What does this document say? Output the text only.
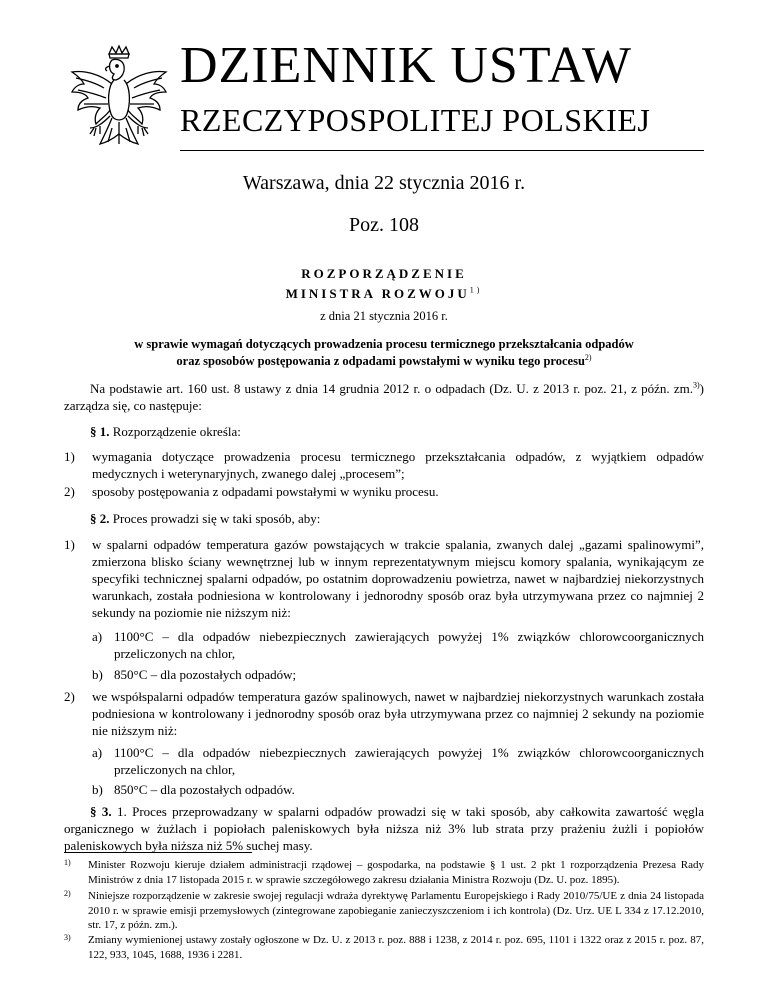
DZIENNIK USTAW
RZECZYPOSPOLITEJ POLSKIEJ
Warszawa, dnia 22 stycznia 2016 r.
Poz. 108
ROZPORZĄDZENIE
MINISTRA ROZWOJU$^{1)}$
z dnia 21 stycznia 2016 r.
w sprawie wymagań dotyczących prowadzenia procesu termicznego przekształcania odpadów
oraz sposobów postępowania z odpadami powstałymi w wyniku tego procesu$^{2)}$
Na podstawie art. 160 ust. 8 ustawy z dnia 14 grudnia 2012 r. o odpadach (Dz. U. z 2013 r. poz. 21, z późn. zm.$^{3)}$) zarządza się, co następuje:
§ 1. Rozporządzenie określa:
1) wymagania dotyczące prowadzenia procesu termicznego przekształcania odpadów, z wyjątkiem odpadów medycznych i weterynaryjnych, zwanego dalej „procesem”;
2) sposoby postępowania z odpadami powstałymi w wyniku procesu.
§ 2. Proces prowadzi się w taki sposób, aby:
1) w spalarni odpadów temperatura gazów powstających w trakcie spalania, zwanych dalej „gazami spalinowymi”, zmierzona blisko ściany wewnętrznej lub w innym reprezentatywnym miejscu komory spalania, wynikającym ze specyfiki technicznej spalarni odpadów, po ostatnim doprowadzeniu powietrza, nawet w najbardziej niekorzystnych warunkach, została podniesiona w kontrolowany i jednorodny sposób oraz była utrzymywana przez co najmniej 2 sekundy na poziomie nie niższym niż:
a) 1100°C – dla odpadów niebezpiecznych zawierających powyżej 1% związków chlorowcoorganicznych przeliczonych na chlor,
b) 850°C – dla pozostałych odpadów;
2) we współspalarni odpadów temperatura gazów spalinowych, nawet w najbardziej niekorzystnych warunkach została podniesiona w kontrolowany i jednorodny sposób oraz była utrzymywana przez co najmniej 2 sekundy na poziomie nie niższym niż:
a) 1100°C – dla odpadów niebezpiecznych zawierających powyżej 1% związków chlorowcoorganicznych przeliczonych na chlor,
b) 850°C – dla pozostałych odpadów.
§ 3. 1. Proces przeprowadzany w spalarni odpadów prowadzi się w taki sposób, aby całkowita zawartość węgla organicznego w żużlach i popiołach paleniskowych była niższa niż 3% lub strata przy prażeniu żużli i popiołów paleniskowych była niższa niż 5% suchej masy.
1) Minister Rozwoju kieruje działem administracji rządowej – gospodarka, na podstawie § 1 ust. 2 pkt 1 rozporządzenia Prezesa Rady Ministrów z dnia 17 listopada 2015 r. w sprawie szczegółowego zakresu działania Ministra Rozwoju (Dz. U. poz. 1895).
2) Niniejsze rozporządzenie w zakresie swojej regulacji wdraża dyrektywę Parlamentu Europejskiego i Rady 2010/75/UE z dnia 24 listopada 2010 r. w sprawie emisji przemysłowych (zintegrowane zapobieganie zanieczyszczeniom i ich kontrola) (Dz. Urz. UE L 334 z 17.12.2010, str. 17, z późn. zm.).
3) Zmiany wymienionej ustawy zostały ogłoszone w Dz. U. z 2013 r. poz. 888 i 1238, z 2014 r. poz. 695, 1101 i 1322 oraz z 2015 r. poz. 87, 122, 933, 1045, 1688, 1936 i 2281.
